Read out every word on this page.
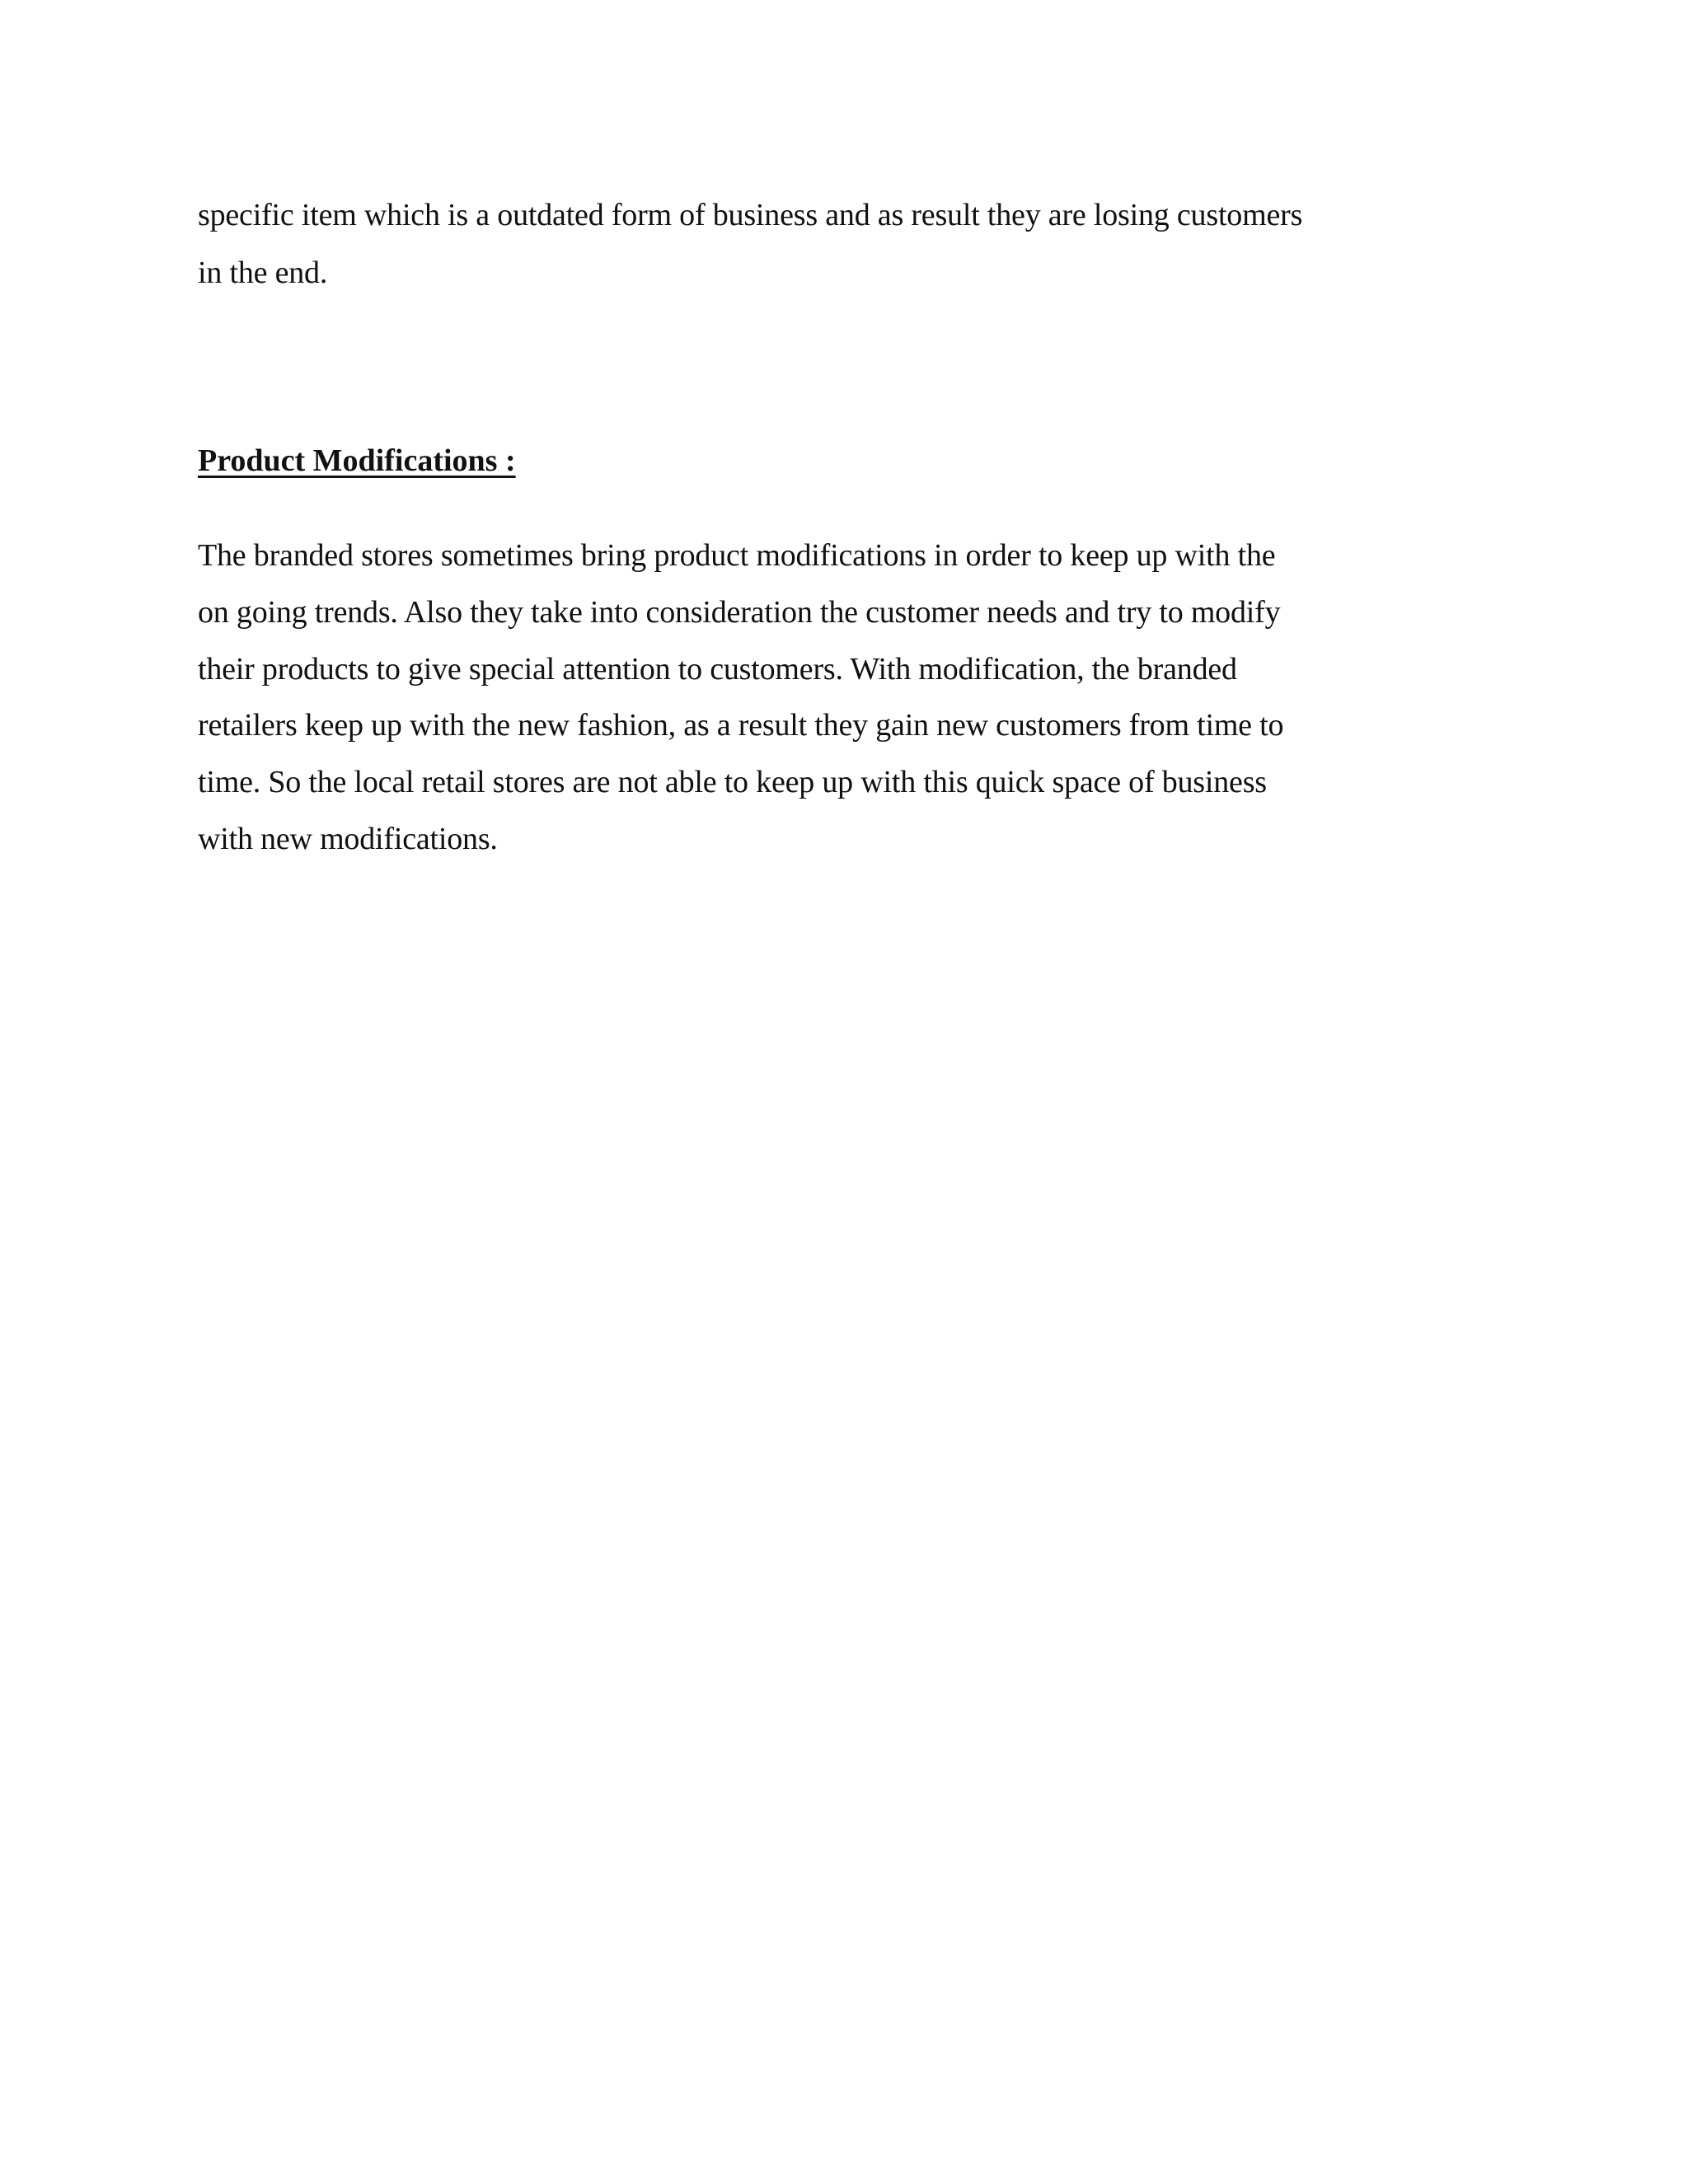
specific item which is a outdated form of business and as result they are losing customers
in the end.
Product Modifications :
The branded stores sometimes bring product modifications in order to keep up with the
on going trends. Also they take into consideration the customer needs and try to modify
their products to give special attention to customers. With modification, the branded
retailers keep up with the new fashion, as a result they gain new customers from time to
time. So the local retail stores are not able to keep up with this quick space of business
with new modifications.
